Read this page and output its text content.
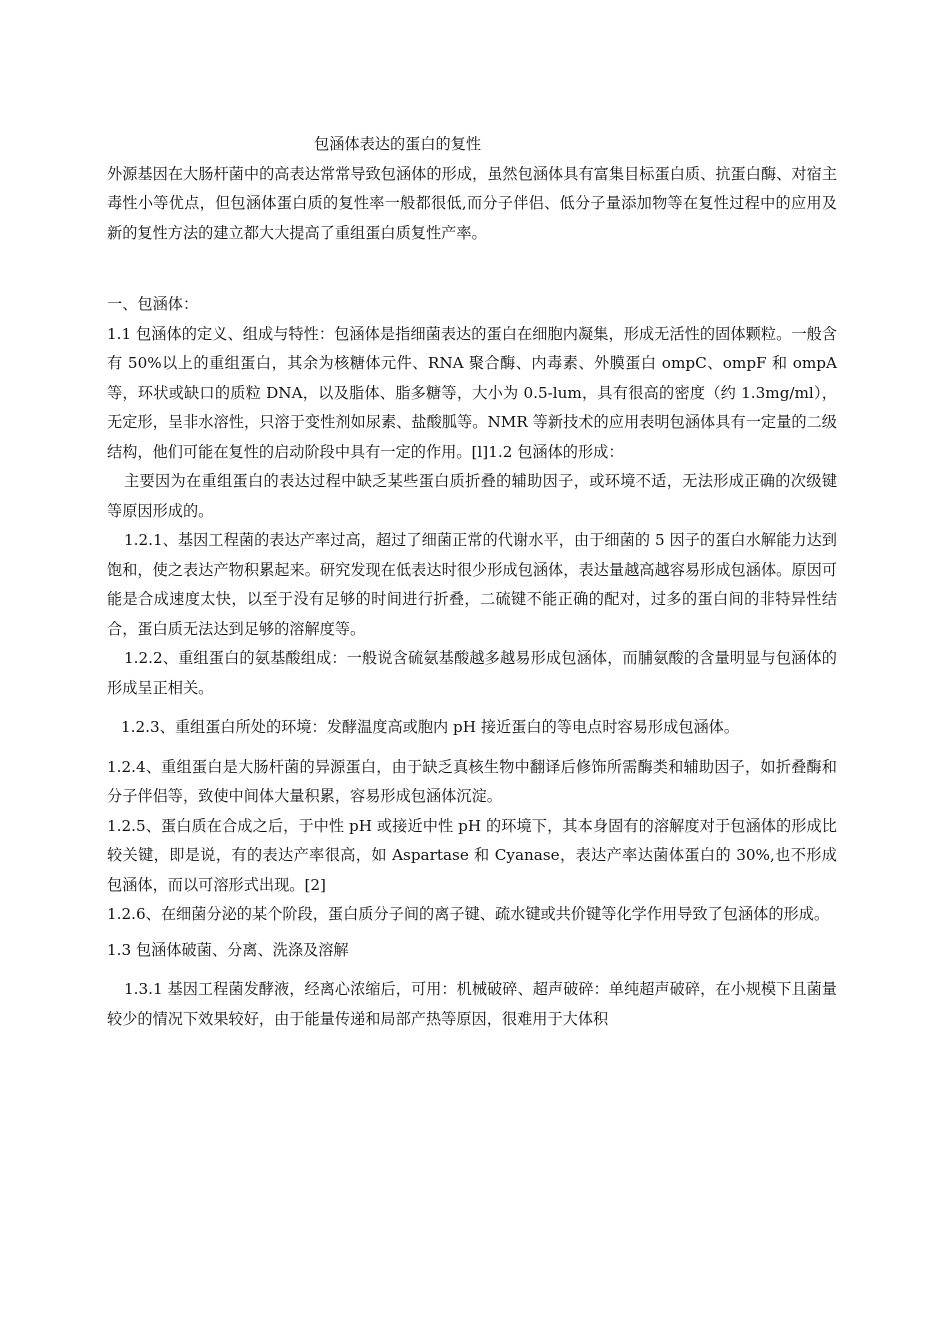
包涵体表达的蛋白的复性

外源基因在大肠杆菌中的高表达常常导致包涵体的形成，虽然包涵体具有富集目标蛋白质、抗蛋白酶、对宿主毒性小等优点，但包涵体蛋白质的复性率一般都很低,而分子伴侣、低分子量添加物等在复性过程中的应用及新的复性方法的建立都大大提高了重组蛋白质复性产率。

一、包涵体：

1.1 包涵体的定义、组成与特性：包涵体是指细菌表达的蛋白在细胞内凝集，形成无活性的固体颗粒。一般含有 50%以上的重组蛋白，其余为核糖体元件、RNA 聚合酶、内毒素、外膜蛋白 ompC、ompF 和 ompA 等，环状或缺口的质粒 DNA，以及脂体、脂多糖等，大小为 0.5-lum，具有很高的密度（约 1.3mg/ml），无定形，呈非水溶性，只溶于变性剂如尿素、盐酸胍等。NMR 等新技术的应用表明包涵体具有一定量的二级结构，他们可能在复性的启动阶段中具有一定的作用。[l]1.2 包涵体的形成：

主要因为在重组蛋白的表达过程中缺乏某些蛋白质折叠的辅助因子，或环境不适，无法形成正确的次级键等原因形成的。

1.2.1、基因工程菌的表达产率过高，超过了细菌正常的代谢水平，由于细菌的 5 因子的蛋白水解能力达到饱和，使之表达产物积累起来。研究发现在低表达时很少形成包涵体，表达量越高越容易形成包涵体。原因可能是合成速度太快，以至于没有足够的时间进行折叠，二硫键不能正确的配对，过多的蛋白间的非特异性结合，蛋白质无法达到足够的溶解度等。

1.2.2、重组蛋白的氨基酸组成：一般说含硫氨基酸越多越易形成包涵体，而脯氨酸的含量明显与包涵体的形成呈正相关。

1.2.3、重组蛋白所处的环境：发酵温度高或胞内 pH 接近蛋白的等电点时容易形成包涵体。

1.2.4、重组蛋白是大肠杆菌的异源蛋白，由于缺乏真核生物中翻译后修饰所需酶类和辅助因子，如折叠酶和分子伴侣等，致使中间体大量积累，容易形成包涵体沉淀。

1.2.5、蛋白质在合成之后，于中性 pH 或接近中性 pH 的环境下，其本身固有的溶解度对于包涵体的形成比较关键，即是说，有的表达产率很高，如 Aspartase 和 Cyanase，表达产率达菌体蛋白的 30%,也不形成包涵体，而以可溶形式出现。[2]

1.2.6、在细菌分泌的某个阶段，蛋白质分子间的离子键、疏水键或共价键等化学作用导致了包涵体的形成。

1.3 包涵体破菌、分离、洗涤及溶解

1.3.1 基因工程菌发酵液，经离心浓缩后，可用：机械破碎、超声破碎：单纯超声破碎，在小规模下且菌量较少的情况下效果较好，由于能量传递和局部产热等原因，很难用于大体积
